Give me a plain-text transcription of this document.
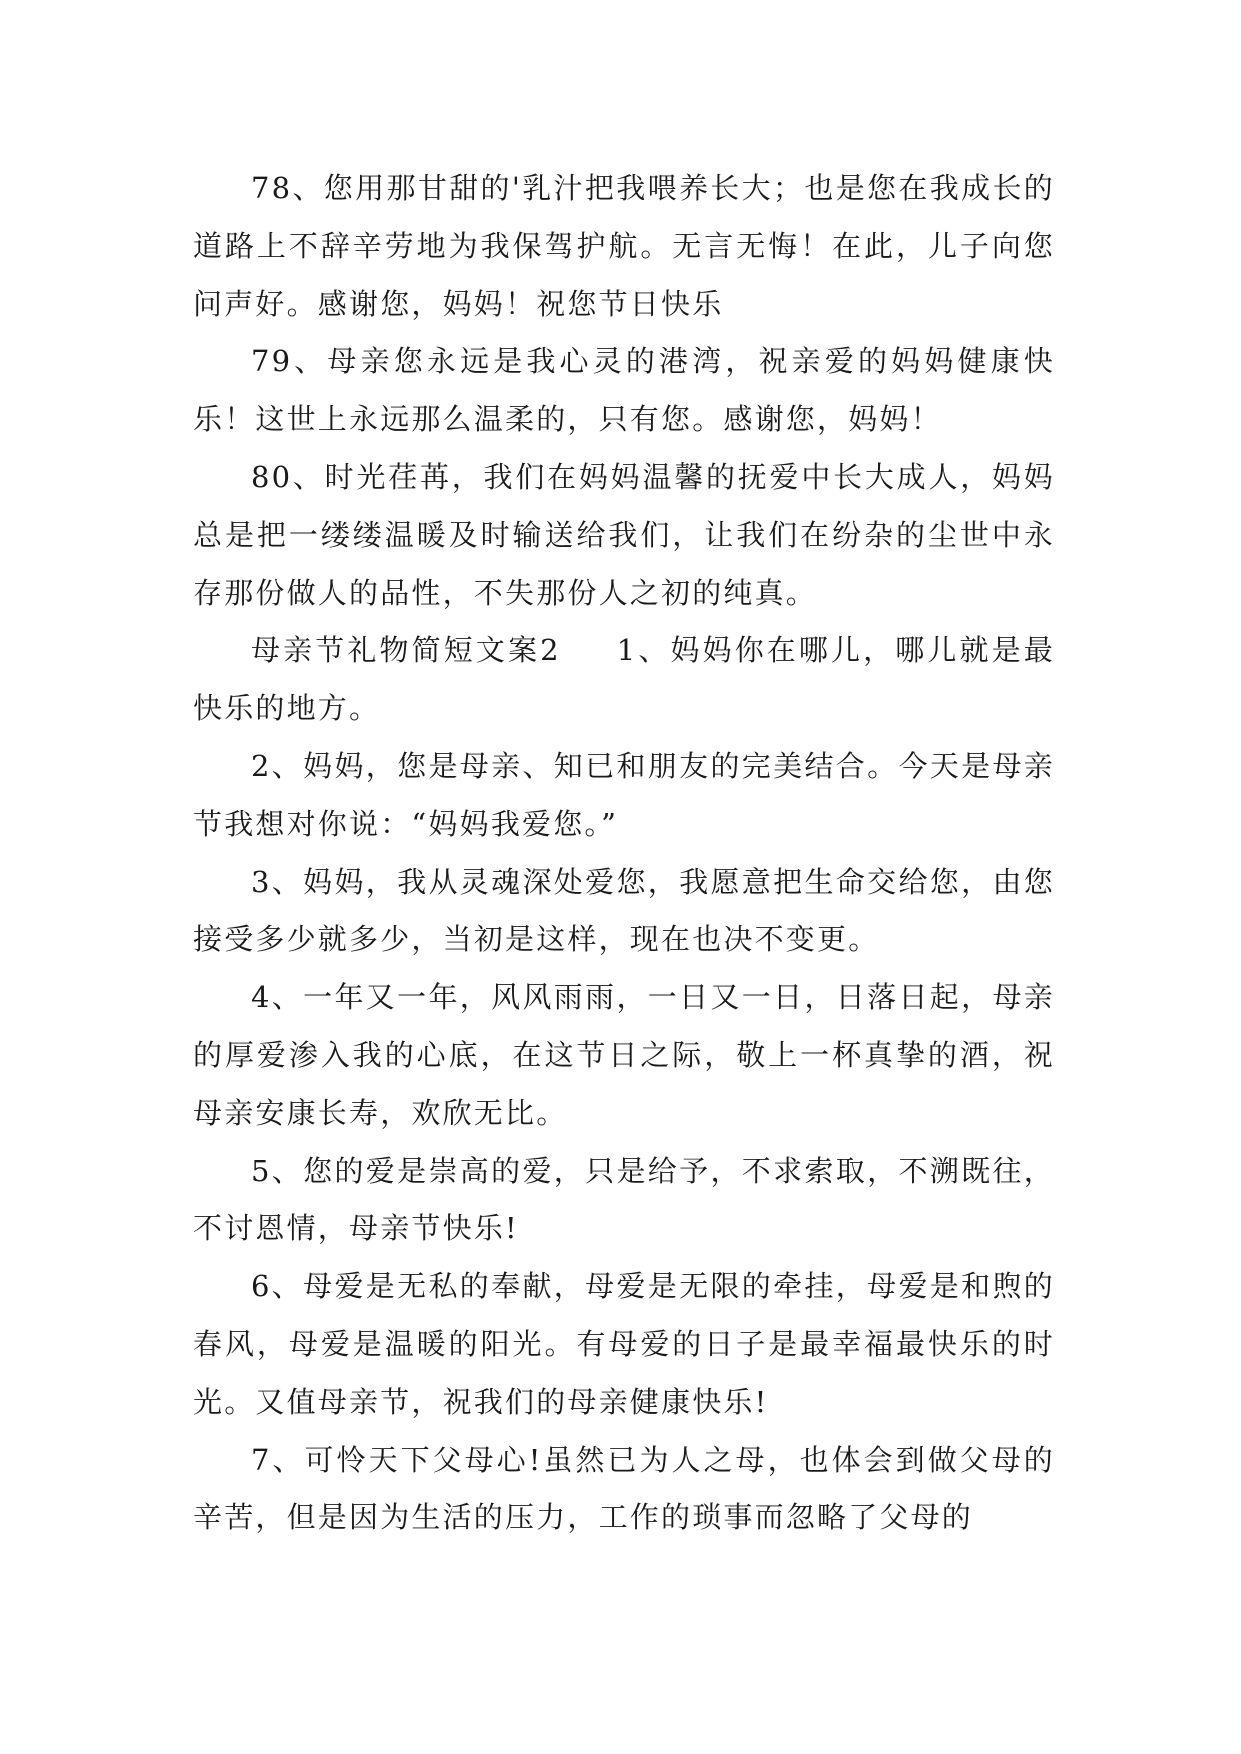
78、您用那甘甜的'乳汁把我喂养长大；也是您在我成长的道路上不辞辛劳地为我保驾护航。无言无悔！在此，儿子向您问声好。感谢您，妈妈！祝您节日快乐

79、母亲您永远是我心灵的港湾，祝亲爱的妈妈健康快乐！这世上永远那么温柔的，只有您。感谢您，妈妈！

80、时光荏苒，我们在妈妈温馨的抚爱中长大成人，妈妈总是把一缕缕温暖及时输送给我们，让我们在纷杂的尘世中永存那份做人的品性，不失那份人之初的纯真。

母亲节礼物简短文案2 1、妈妈你在哪儿，哪儿就是最快乐的地方。

2、妈妈，您是母亲、知已和朋友的完美结合。今天是母亲节我想对你说：“妈妈我爱您。”

3、妈妈，我从灵魂深处爱您，我愿意把生命交给您，由您接受多少就多少，当初是这样，现在也决不变更。

4、一年又一年，风风雨雨，一日又一日，日落日起，母亲的厚爱渗入我的心底，在这节日之际，敬上一杯真挚的酒，祝母亲安康长寿，欢欣无比。

5、您的爱是崇高的爱，只是给予，不求索取，不溯既往，不讨恩情，母亲节快乐!

6、母爱是无私的奉献，母爱是无限的牵挂，母爱是和煦的春风，母爱是温暖的阳光。有母爱的日子是最幸福最快乐的时光。又值母亲节，祝我们的母亲健康快乐!

7、可怜天下父母心!虽然已为人之母，也体会到做父母的辛苦，但是因为生活的压力，工作的琐事而忽略了父母的
